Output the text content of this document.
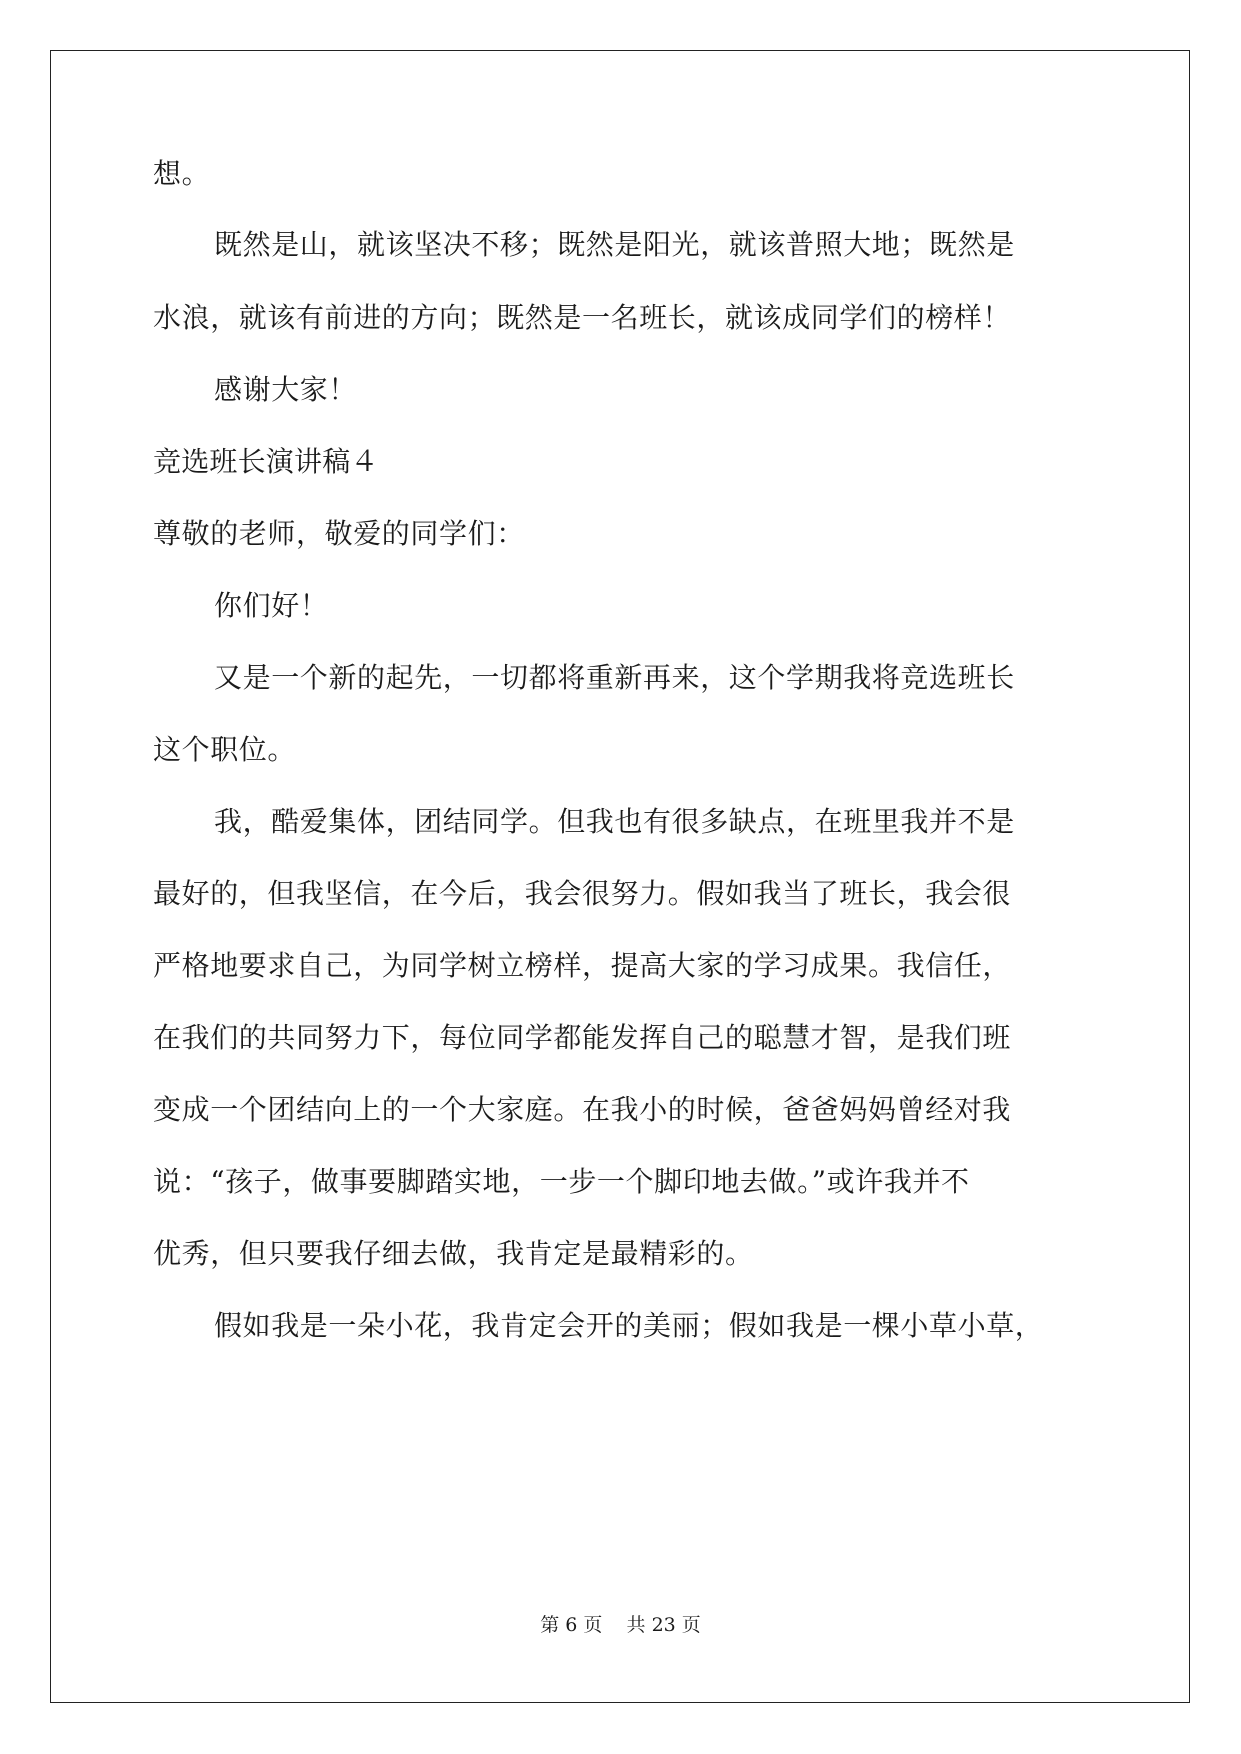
想。
既然是山，就该坚决不移；既然是阳光，就该普照大地；既然是
水浪，就该有前进的方向；既然是一名班长，就该成同学们的榜样！
感谢大家！
竞选班长演讲稿４
尊敬的老师，敬爱的同学们：
你们好！
又是一个新的起先，一切都将重新再来，这个学期我将竞选班长
这个职位。
我，酷爱集体，团结同学。但我也有很多缺点，在班里我并不是
最好的，但我坚信，在今后，我会很努力。假如我当了班长，我会很
严格地要求自己，为同学树立榜样，提高大家的学习成果。我信任，
在我们的共同努力下，每位同学都能发挥自己的聪慧才智，是我们班
变成一个团结向上的一个大家庭。在我小的时候，爸爸妈妈曾经对我
说：“孩子，做事要脚踏实地，一步一个脚印地去做。”或许我并不
优秀，但只要我仔细去做，我肯定是最精彩的。
假如我是一朵小花，我肯定会开的美丽；假如我是一棵小草小草，
第 6 页    共 23 页
